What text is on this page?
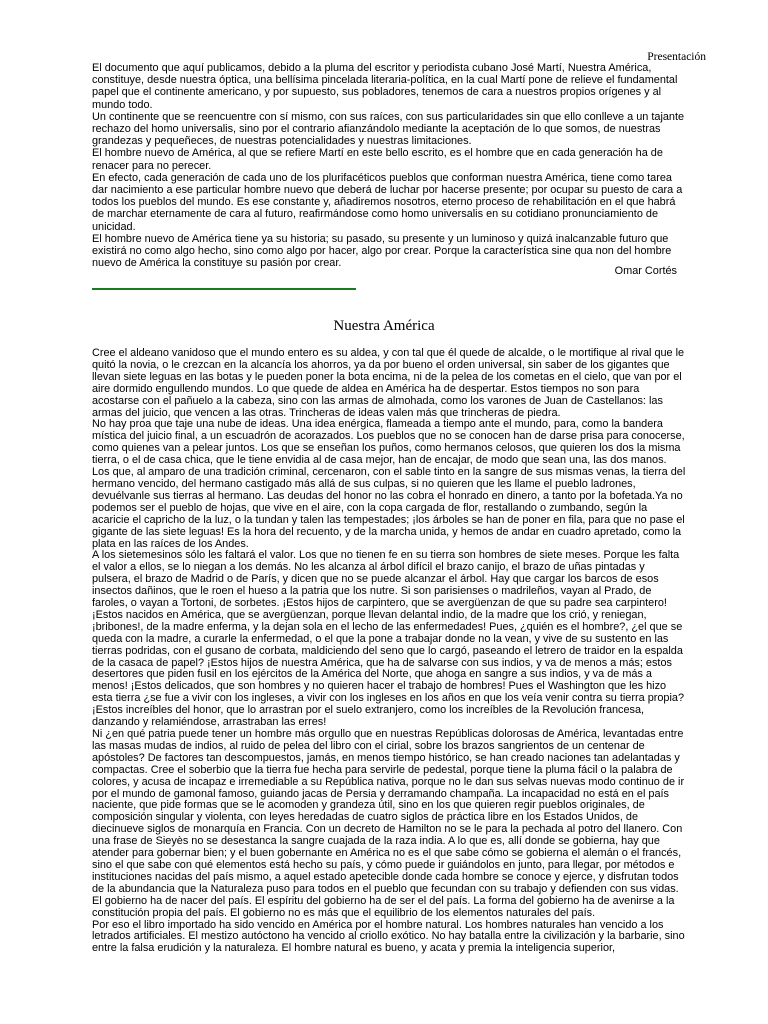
Presentación

El documento que aquí publicamos, debido a la pluma del escritor y periodista cubano José Martí, Nuestra América, constituye, desde nuestra óptica, una bellísima pincelada literaria-política, en la cual Martí pone de relieve el fundamental papel que el continente americano, y por supuesto, sus pobladores, tenemos de cara a nuestros propios orígenes y al mundo todo.

Un continente que se reencuentre con sí mismo, con sus raíces, con sus particularidades sin que ello conlleve a un tajante rechazo del homo universalis, sino por el contrario afianzándolo mediante la aceptación de lo que somos, de nuestras grandezas y pequeñeces, de nuestras potencialidades y nuestras limitaciones.

El hombre nuevo de América, al que se refiere Martí en este bello escrito, es el hombre que en cada generación ha de renacer para no perecer.

En efecto, cada generación de cada uno de los plurifacéticos pueblos que conforman nuestra América, tiene como tarea dar nacimiento a ese particular hombre nuevo que deberá de luchar por hacerse presente; por ocupar su puesto de cara a todos los pueblos del mundo. Es ese constante y, añadiremos nosotros, eterno proceso de rehabilitación en el que habrá de marchar eternamente de cara al futuro, reafirmándose como homo universalis en su cotidiano pronunciamiento de unicidad.

El hombre nuevo de América tiene ya su historia; su pasado, su presente y un luminoso y quizá inalcanzable futuro que existirá no como algo hecho, sino como algo por hacer, algo por crear. Porque la característica sine qua non del hombre nuevo de América la constituye su pasión por crear.

Omar Cortés
Nuestra América

Cree el aldeano vanidoso que el mundo entero es su aldea, y con tal que él quede de alcalde, o le mortifique al rival que le quitó la novia, o le crezcan en la alcancía los ahorros, ya da por bueno el orden universal, sin saber de los gigantes que llevan siete leguas en las botas y le pueden poner la bota encima, ni de la pelea de los cometas en el cielo, que van por el aire dormido engullendo mundos. Lo que quede de aldea en América ha de despertar. Estos tiempos no son para acostarse con el pañuelo a la cabeza, sino con las armas de almohada, como los varones de Juan de Castellanos: las armas del juicio, que vencen a las otras. Trincheras de ideas valen más que trincheras de piedra.

No hay proa que taje una nube de ideas. Una idea enérgica, flameada a tiempo ante el mundo, para, como la bandera mística del juicio final, a un escuadrón de acorazados. Los pueblos que no se conocen han de darse prisa para conocerse, como quienes van a pelear juntos. Los que se enseñan los puños, como hermanos celosos, que quieren los dos la misma tierra, o el de casa chica, que le tiene envidia al de casa mejor, han de encajar, de modo que sean una, las dos manos. Los que, al amparo de una tradición criminal, cercenaron, con el sable tinto en la sangre de sus mismas venas, la tierra del hermano vencido, del hermano castigado más allá de sus culpas, si no quieren que les llame el pueblo ladrones, devuélvanle sus tierras al hermano. Las deudas del honor no las cobra el honrado en dinero, a tanto por la bofetada.Ya no podemos ser el pueblo de hojas, que vive en el aire, con la copa cargada de flor, restallando o zumbando, según la acaricie el capricho de la luz, o la tundan y talen las tempestades; ¡los árboles se han de poner en fila, para que no pase el gigante de las siete leguas! Es la hora del recuento, y de la marcha unida, y hemos de andar en cuadro apretado, como la plata en las raíces de los Andes.

A los sietemesinos sólo les faltará el valor. Los que no tienen fe en su tierra son hombres de siete meses. Porque les falta el valor a ellos, se lo niegan a los demás. No les alcanza al árbol difícil el brazo canijo, el brazo de uñas pintadas y pulsera, el brazo de Madrid o de París, y dicen que no se puede alcanzar el árbol. Hay que cargar los barcos de esos insectos dañinos, que le roen el hueso a la patria que los nutre. Si son parisienses o madrileños, vayan al Prado, de faroles, o vayan a Tortoni, de sorbetes. ¡Estos hijos de carpintero, que se avergüenzan de que su padre sea carpintero! ¡Estos nacidos en América, que se avergüenzan, porque llevan delantal indio, de la madre que los crió, y reniegan, ¡bribones!, de la madre enferma, y la dejan sola en el lecho de las enfermedades! Pues, ¿quién es el hombre?, ¿el que se queda con la madre, a curarle la enfermedad, o el que la pone a trabajar donde no la vean, y vive de su sustento en las tierras podridas, con el gusano de corbata, maldiciendo del seno que lo cargó, paseando el letrero de traidor en la espalda de la casaca de papel? ¡Estos hijos de nuestra América, que ha de salvarse con sus indios, y va de menos a más; estos desertores que piden fusil en los ejércitos de la América del Norte, que ahoga en sangre a sus indios, y va de más a menos! ¡Estos delicados, que son hombres y no quieren hacer el trabajo de hombres! Pues el Washington que les hizo esta tierra ¿se fue a vivir con los ingleses, a vivir con los ingleses en los años en que los veía venir contra su tierra propia? ¡Estos increíbles del honor, que lo arrastran por el suelo extranjero, como los increíbles de la Revolución francesa, danzando y relamiéndose, arrastraban las erres!

Ni ¿en qué patria puede tener un hombre más orgullo que en nuestras Repúblicas dolorosas de América, levantadas entre las masas mudas de indios, al ruido de pelea del libro con el cirial, sobre los brazos sangrientos de un centenar de apóstoles? De factores tan descompuestos, jamás, en menos tiempo histórico, se han creado naciones tan adelantadas y compactas. Cree el soberbio que la tierra fue hecha para servirle de pedestal, porque tiene la pluma fácil o la palabra de colores, y acusa de incapaz e irremediable a su República nativa, porque no le dan sus selvas nuevas modo continuo de ir por el mundo de gamonal famoso, guiando jacas de Persia y derramando champaña. La incapacidad no está en el país naciente, que pide formas que se le acomoden y grandeza útil, sino en los que quieren regir pueblos originales, de composición singular y violenta, con leyes heredadas de cuatro siglos de práctica libre en los Estados Unidos, de diecinueve siglos de monarquía en Francia. Con un decreto de Hamilton no se le para la pechada al potro del llanero. Con una frase de Sieyès no se desestanca la sangre cuajada de la raza india. A lo que es, allí donde se gobierna, hay que atender para gobernar bien; y el buen gobernante en América no es el que sabe cómo se gobierna el alemán o el francés, sino el que sabe con qué elementos está hecho su país, y cómo puede ir guiándolos en junto, para llegar, por métodos e instituciones nacidas del país mismo, a aquel estado apetecible donde cada hombre se conoce y ejerce, y disfrutan todos de la abundancia que la Naturaleza puso para todos en el pueblo que fecundan con su trabajo y defienden con sus vidas. El gobierno ha de nacer del país. El espíritu del gobierno ha de ser el del país. La forma del gobierno ha de avenirse a la constitución propia del país. El gobierno no es más que el equilibrio de los elementos naturales del país.

Por eso el libro importado ha sido vencido en América por el hombre natural. Los hombres naturales han vencido a los letrados artificiales. El mestizo autóctono ha vencido al criollo exótico. No hay batalla entre la civilización y la barbarie, sino entre la falsa erudición y la naturaleza. El hombre natural es bueno, y acata y premia la inteligencia superior,
